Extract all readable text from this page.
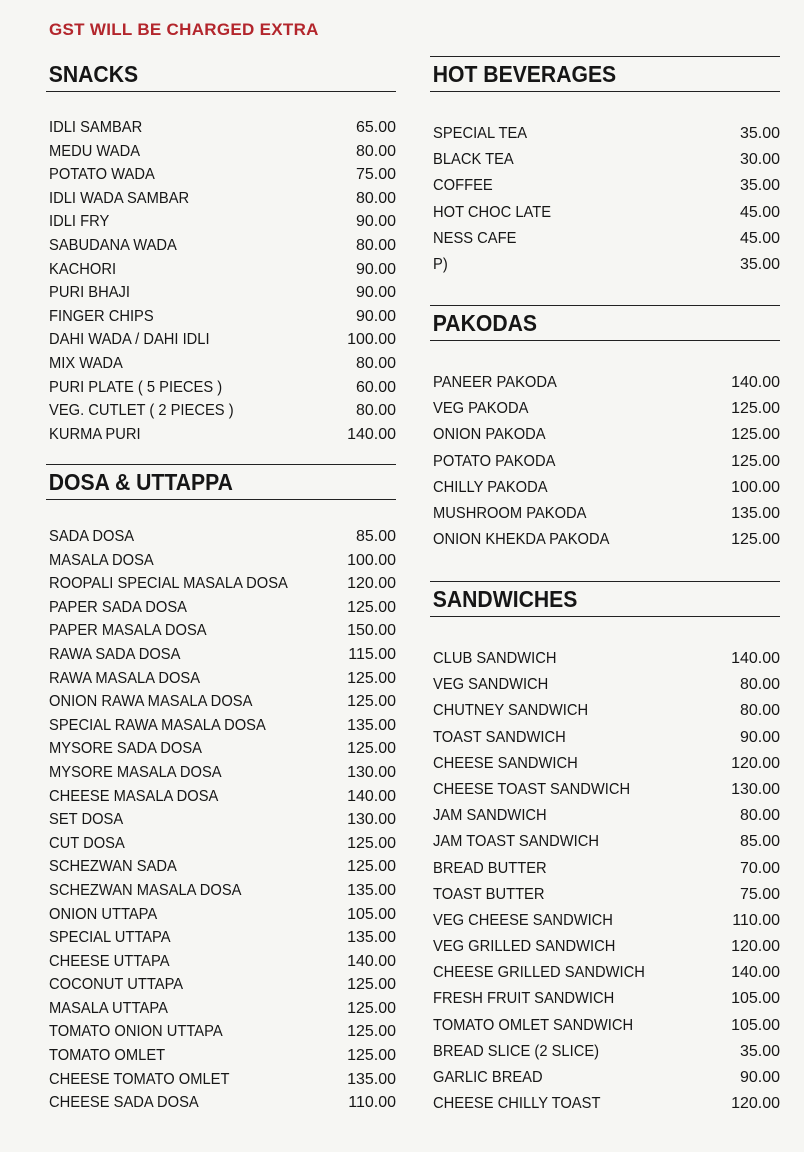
GST WILL BE CHARGED EXTRA
SNACKS
IDLI SAMBAR	65.00
MEDU WADA	80.00
POTATO WADA	75.00
IDLI WADA SAMBAR	80.00
IDLI FRY	90.00
SABUDANA WADA	80.00
KACHORI	90.00
PURI BHAJI	90.00
FINGER CHIPS	90.00
DAHI WADA / DAHI IDLI	100.00
MIX WADA	80.00
PURI PLATE ( 5 PIECES )	60.00
VEG. CUTLET ( 2 PIECES )	80.00
KURMA PURI	140.00
DOSA & UTTAPPA
SADA DOSA	85.00
MASALA DOSA	100.00
ROOPALI SPECIAL MASALA DOSA	120.00
PAPER SADA DOSA	125.00
PAPER MASALA DOSA	150.00
RAWA SADA DOSA	115.00
RAWA MASALA DOSA	125.00
ONION RAWA MASALA DOSA	125.00
SPECIAL RAWA MASALA DOSA	135.00
MYSORE SADA DOSA	125.00
MYSORE MASALA DOSA	130.00
CHEESE MASALA DOSA	140.00
SET DOSA	130.00
CUT DOSA	125.00
SCHEZWAN SADA	125.00
SCHEZWAN MASALA DOSA	135.00
ONION UTTAPA	105.00
SPECIAL UTTAPA	135.00
CHEESE UTTAPA	140.00
COCONUT UTTAPA	125.00
MASALA UTTAPA	125.00
TOMATO ONION UTTAPA	125.00
TOMATO OMLET	125.00
CHEESE TOMATO OMLET	135.00
CHEESE SADA DOSA	110.00
HOT BEVERAGES
SPECIAL TEA	35.00
BLACK TEA	30.00
COFFEE	35.00
HOT CHOC LATE	45.00
NESS CAFE	45.00
P)	35.00
PAKODAS
PANEER PAKODA	140.00
VEG PAKODA	125.00
ONION PAKODA	125.00
POTATO PAKODA	125.00
CHILLY PAKODA	100.00
MUSHROOM PAKODA	135.00
ONION KHEKDA PAKODA	125.00
SANDWICHES
CLUB SANDWICH	140.00
VEG SANDWICH	80.00
CHUTNEY SANDWICH	80.00
TOAST SANDWICH	90.00
CHEESE SANDWICH	120.00
CHEESE TOAST SANDWICH	130.00
JAM SANDWICH	80.00
JAM TOAST SANDWICH	85.00
BREAD BUTTER	70.00
TOAST BUTTER	75.00
VEG CHEESE SANDWICH	110.00
VEG GRILLED SANDWICH	120.00
CHEESE GRILLED SANDWICH	140.00
FRESH FRUIT SANDWICH	105.00
TOMATO OMLET SANDWICH	105.00
BREAD SLICE (2 SLICE)	35.00
GARLIC BREAD	90.00
CHEESE CHILLY TOAST	120.00
